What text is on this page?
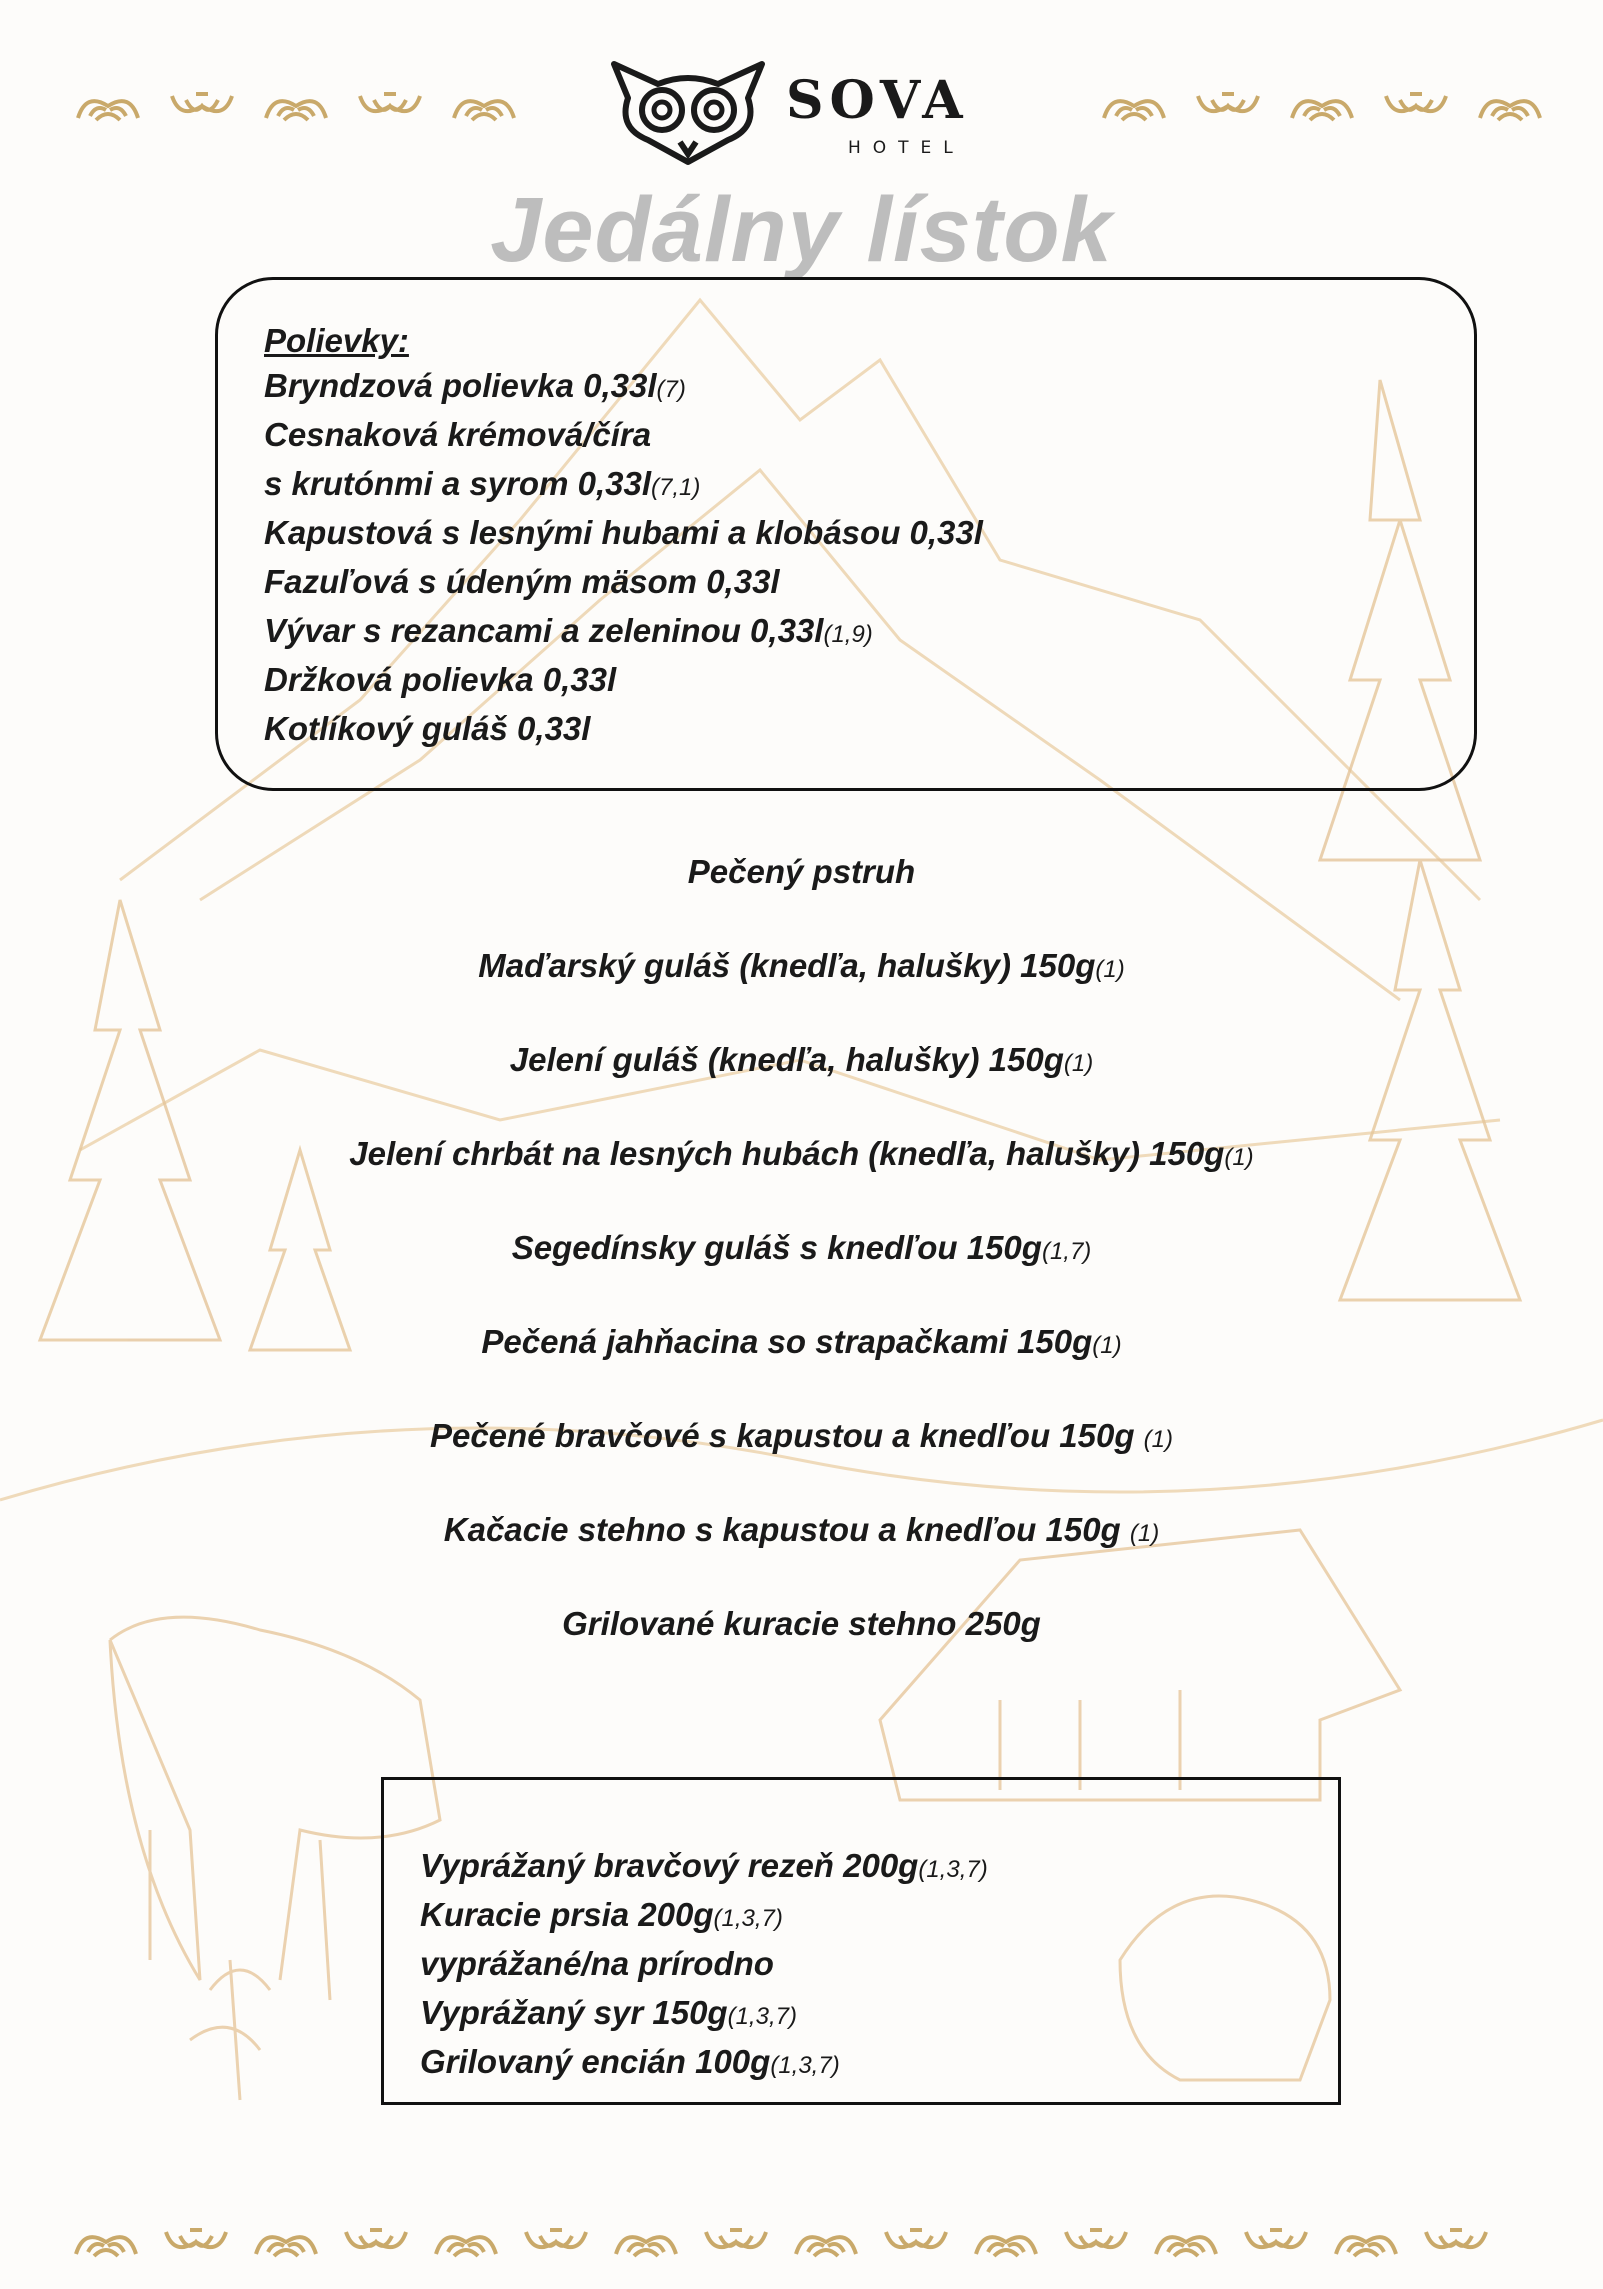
SOVA
HOTEL
Jedálny lístok
Polievky:
Bryndzová polievka 0,33l(7)
Cesnaková krémová/číra
s krutónmi a syrom 0,33l(7,1)
Kapustová s lesnými hubami a klobásou 0,33l
Fazuľová s údeným mäsom 0,33l
Vývar s rezancami a zeleninou 0,33l(1,9)
Držková polievka 0,33l
Kotlíkový guláš 0,33l
Pečený pstruh
Maďarský guláš (knedľa, halušky) 150g(1)
Jelení guláš (knedľa, halušky) 150g(1)
Jelení chrbát na lesných hubách (knedľa, halušky) 150g(1)
Segedínsky guláš s knedľou 150g(1,7)
Pečená jahňacina so strapačkami 150g(1)
Pečené bravčové s kapustou a knedľou 150g (1)
Kačacie stehno s kapustou a knedľou 150g (1)
Grilované kuracie stehno 250g
Vyprážaný bravčový rezeň 200g(1,3,7)
Kuracie prsia 200g(1,3,7)
vyprážané/na prírodno
Vyprážaný syr 150g(1,3,7)
Grilovaný encián 100g(1,3,7)
